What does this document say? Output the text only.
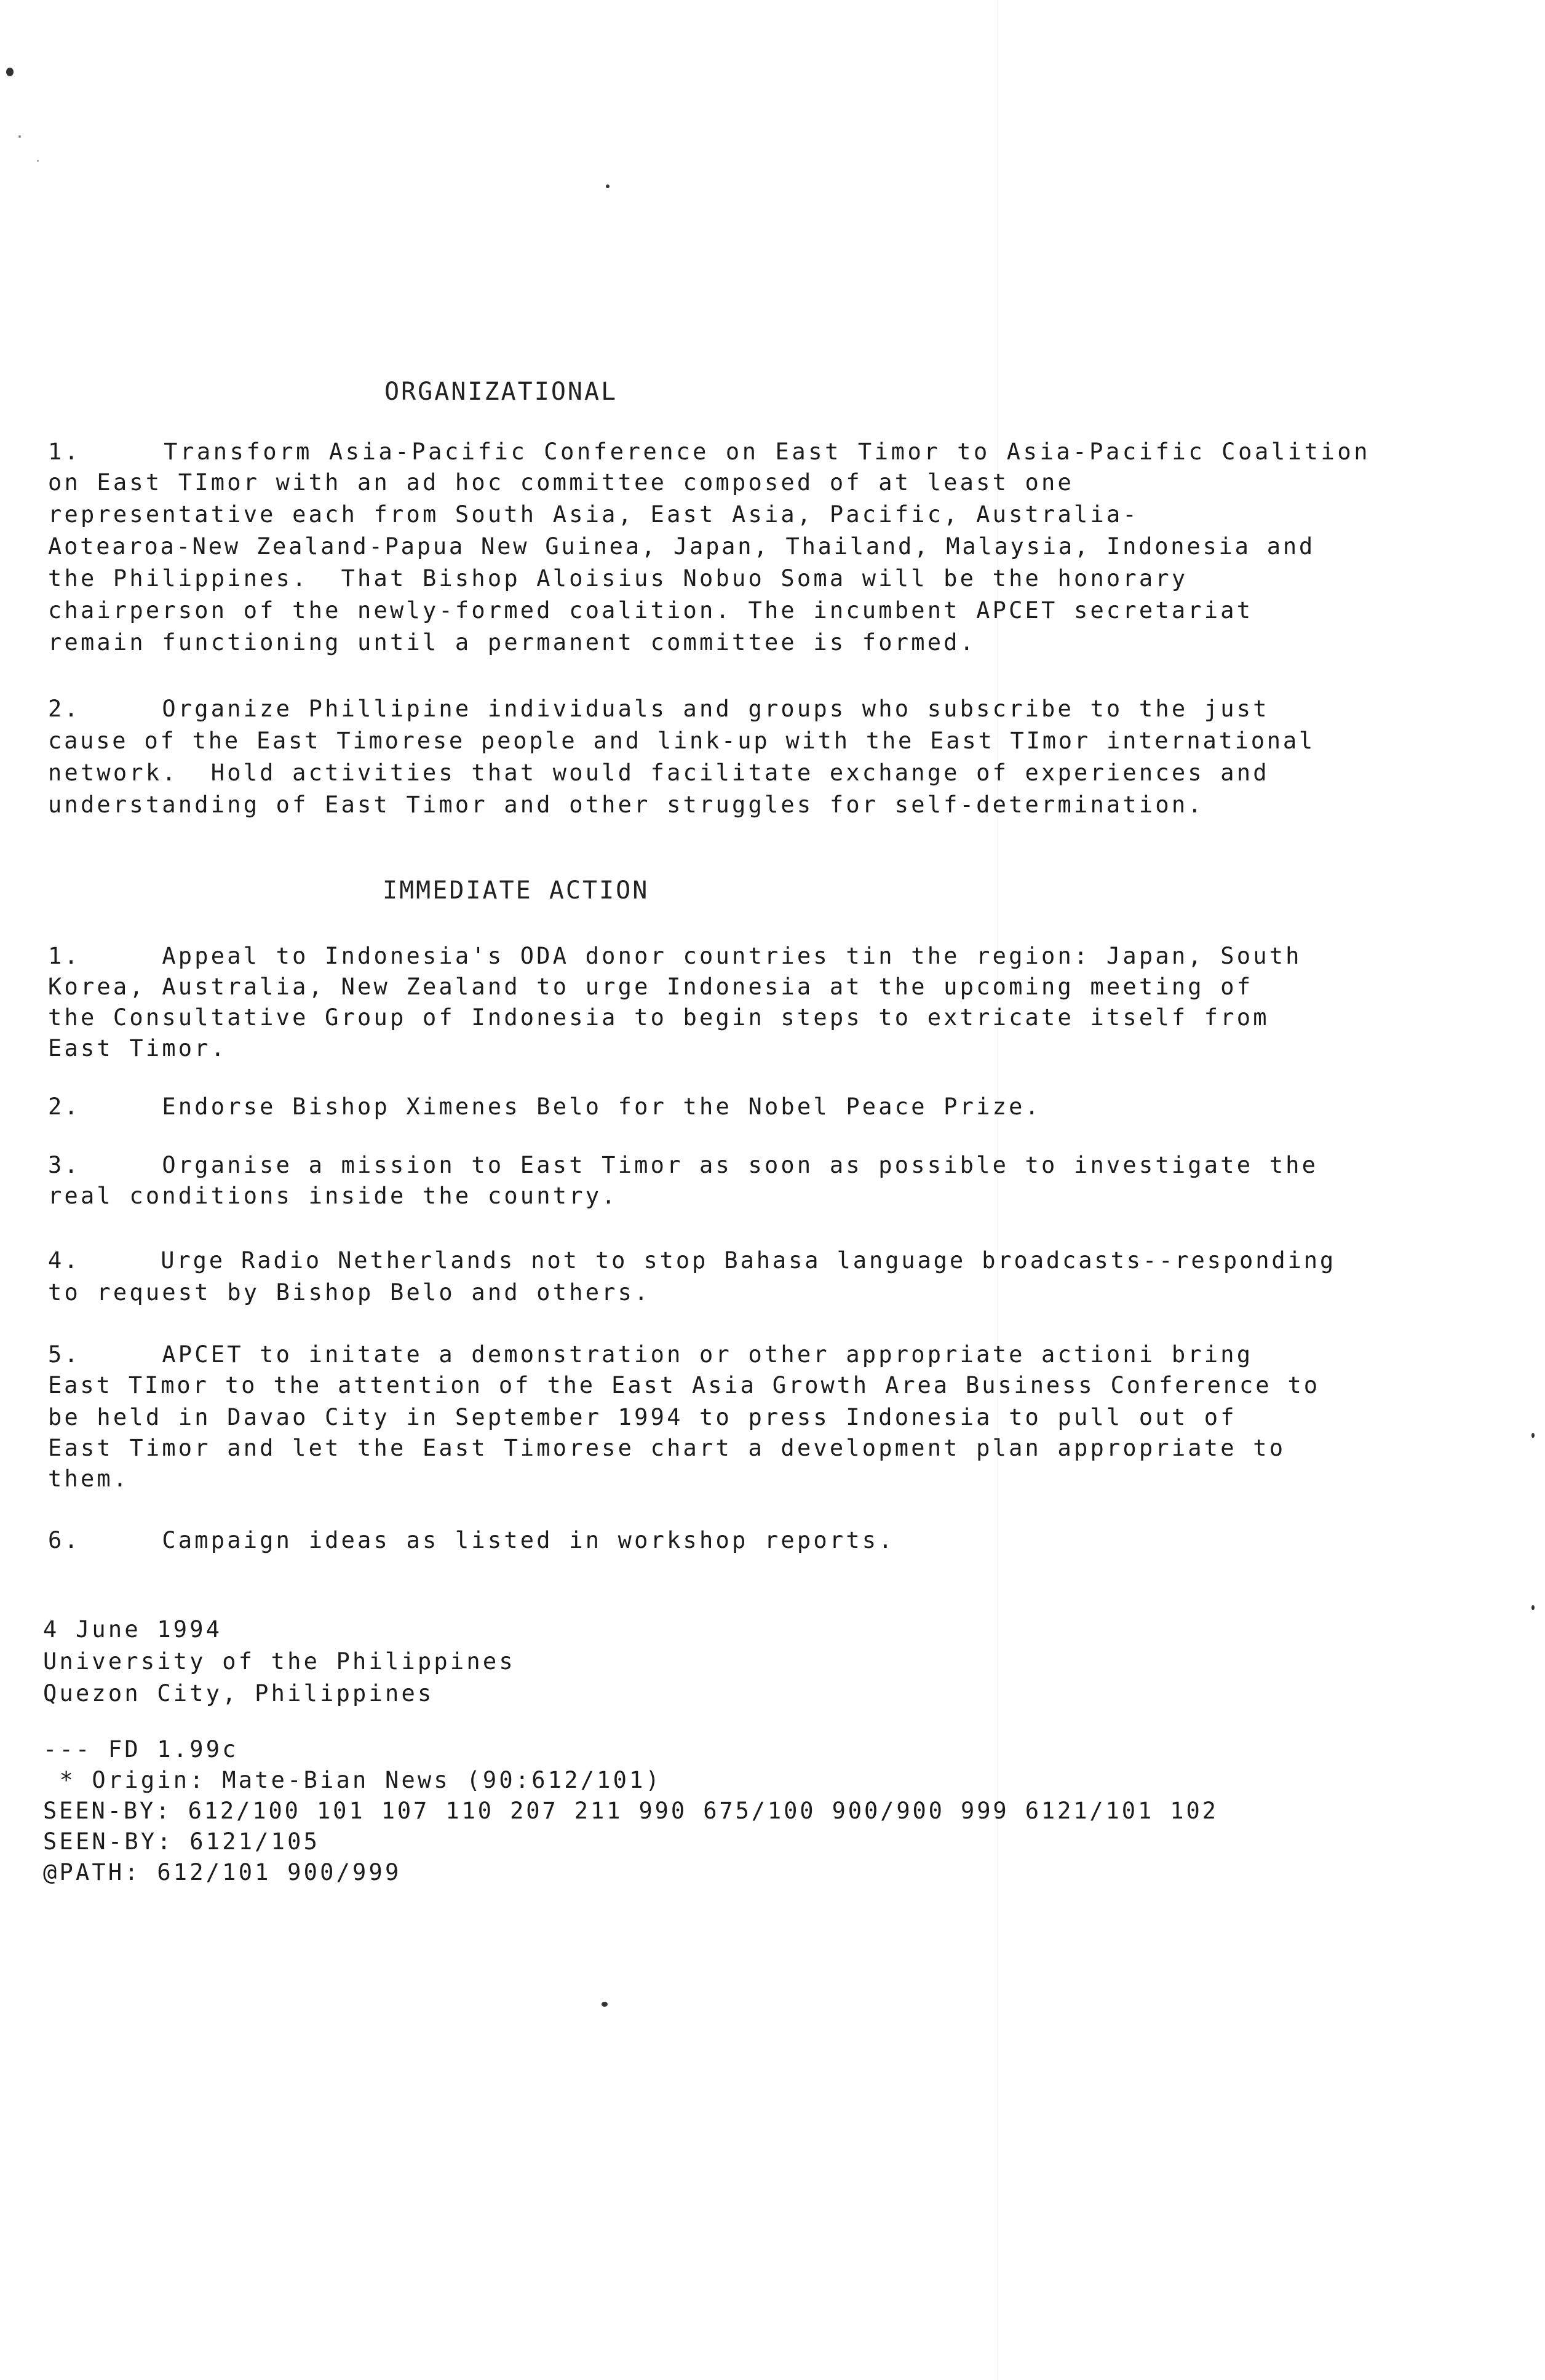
ORGANIZATIONAL
1.     Transform Asia-Pacific Conference on East Timor to Asia-Pacific Coalition
on East TImor with an ad hoc committee composed of at least one
representative each from South Asia, East Asia, Pacific, Australia-
Aotearoa-New Zealand-Papua New Guinea, Japan, Thailand, Malaysia, Indonesia and
the Philippines.  That Bishop Aloisius Nobuo Soma will be the honorary
chairperson of the newly-formed coalition. The incumbent APCET secretariat
remain functioning until a permanent committee is formed.
2.     Organize Phillipine individuals and groups who subscribe to the just
cause of the East Timorese people and link-up with the East TImor international
network.  Hold activities that would facilitate exchange of experiences and
understanding of East Timor and other struggles for self-determination.
IMMEDIATE ACTION
1.     Appeal to Indonesia's ODA donor countries tin the region: Japan, South
Korea, Australia, New Zealand to urge Indonesia at the upcoming meeting of
the Consultative Group of Indonesia to begin steps to extricate itself from
East Timor.
2.     Endorse Bishop Ximenes Belo for the Nobel Peace Prize.
3.     Organise a mission to East Timor as soon as possible to investigate the
real conditions inside the country.
4.     Urge Radio Netherlands not to stop Bahasa language broadcasts--responding
to request by Bishop Belo and others.
5.     APCET to initate a demonstration or other appropriate actioni bring
East TImor to the attention of the East Asia Growth Area Business Conference to
be held in Davao City in September 1994 to press Indonesia to pull out of
East Timor and let the East Timorese chart a development plan appropriate to
them.
6.     Campaign ideas as listed in workshop reports.
4 June 1994
University of the Philippines
Quezon City, Philippines
--- FD 1.99c
* Origin: Mate-Bian News (90:612/101)
SEEN-BY: 612/100 101 107 110 207 211 990 675/100 900/900 999 6121/101 102
SEEN-BY: 6121/105
@PATH: 612/101 900/999
